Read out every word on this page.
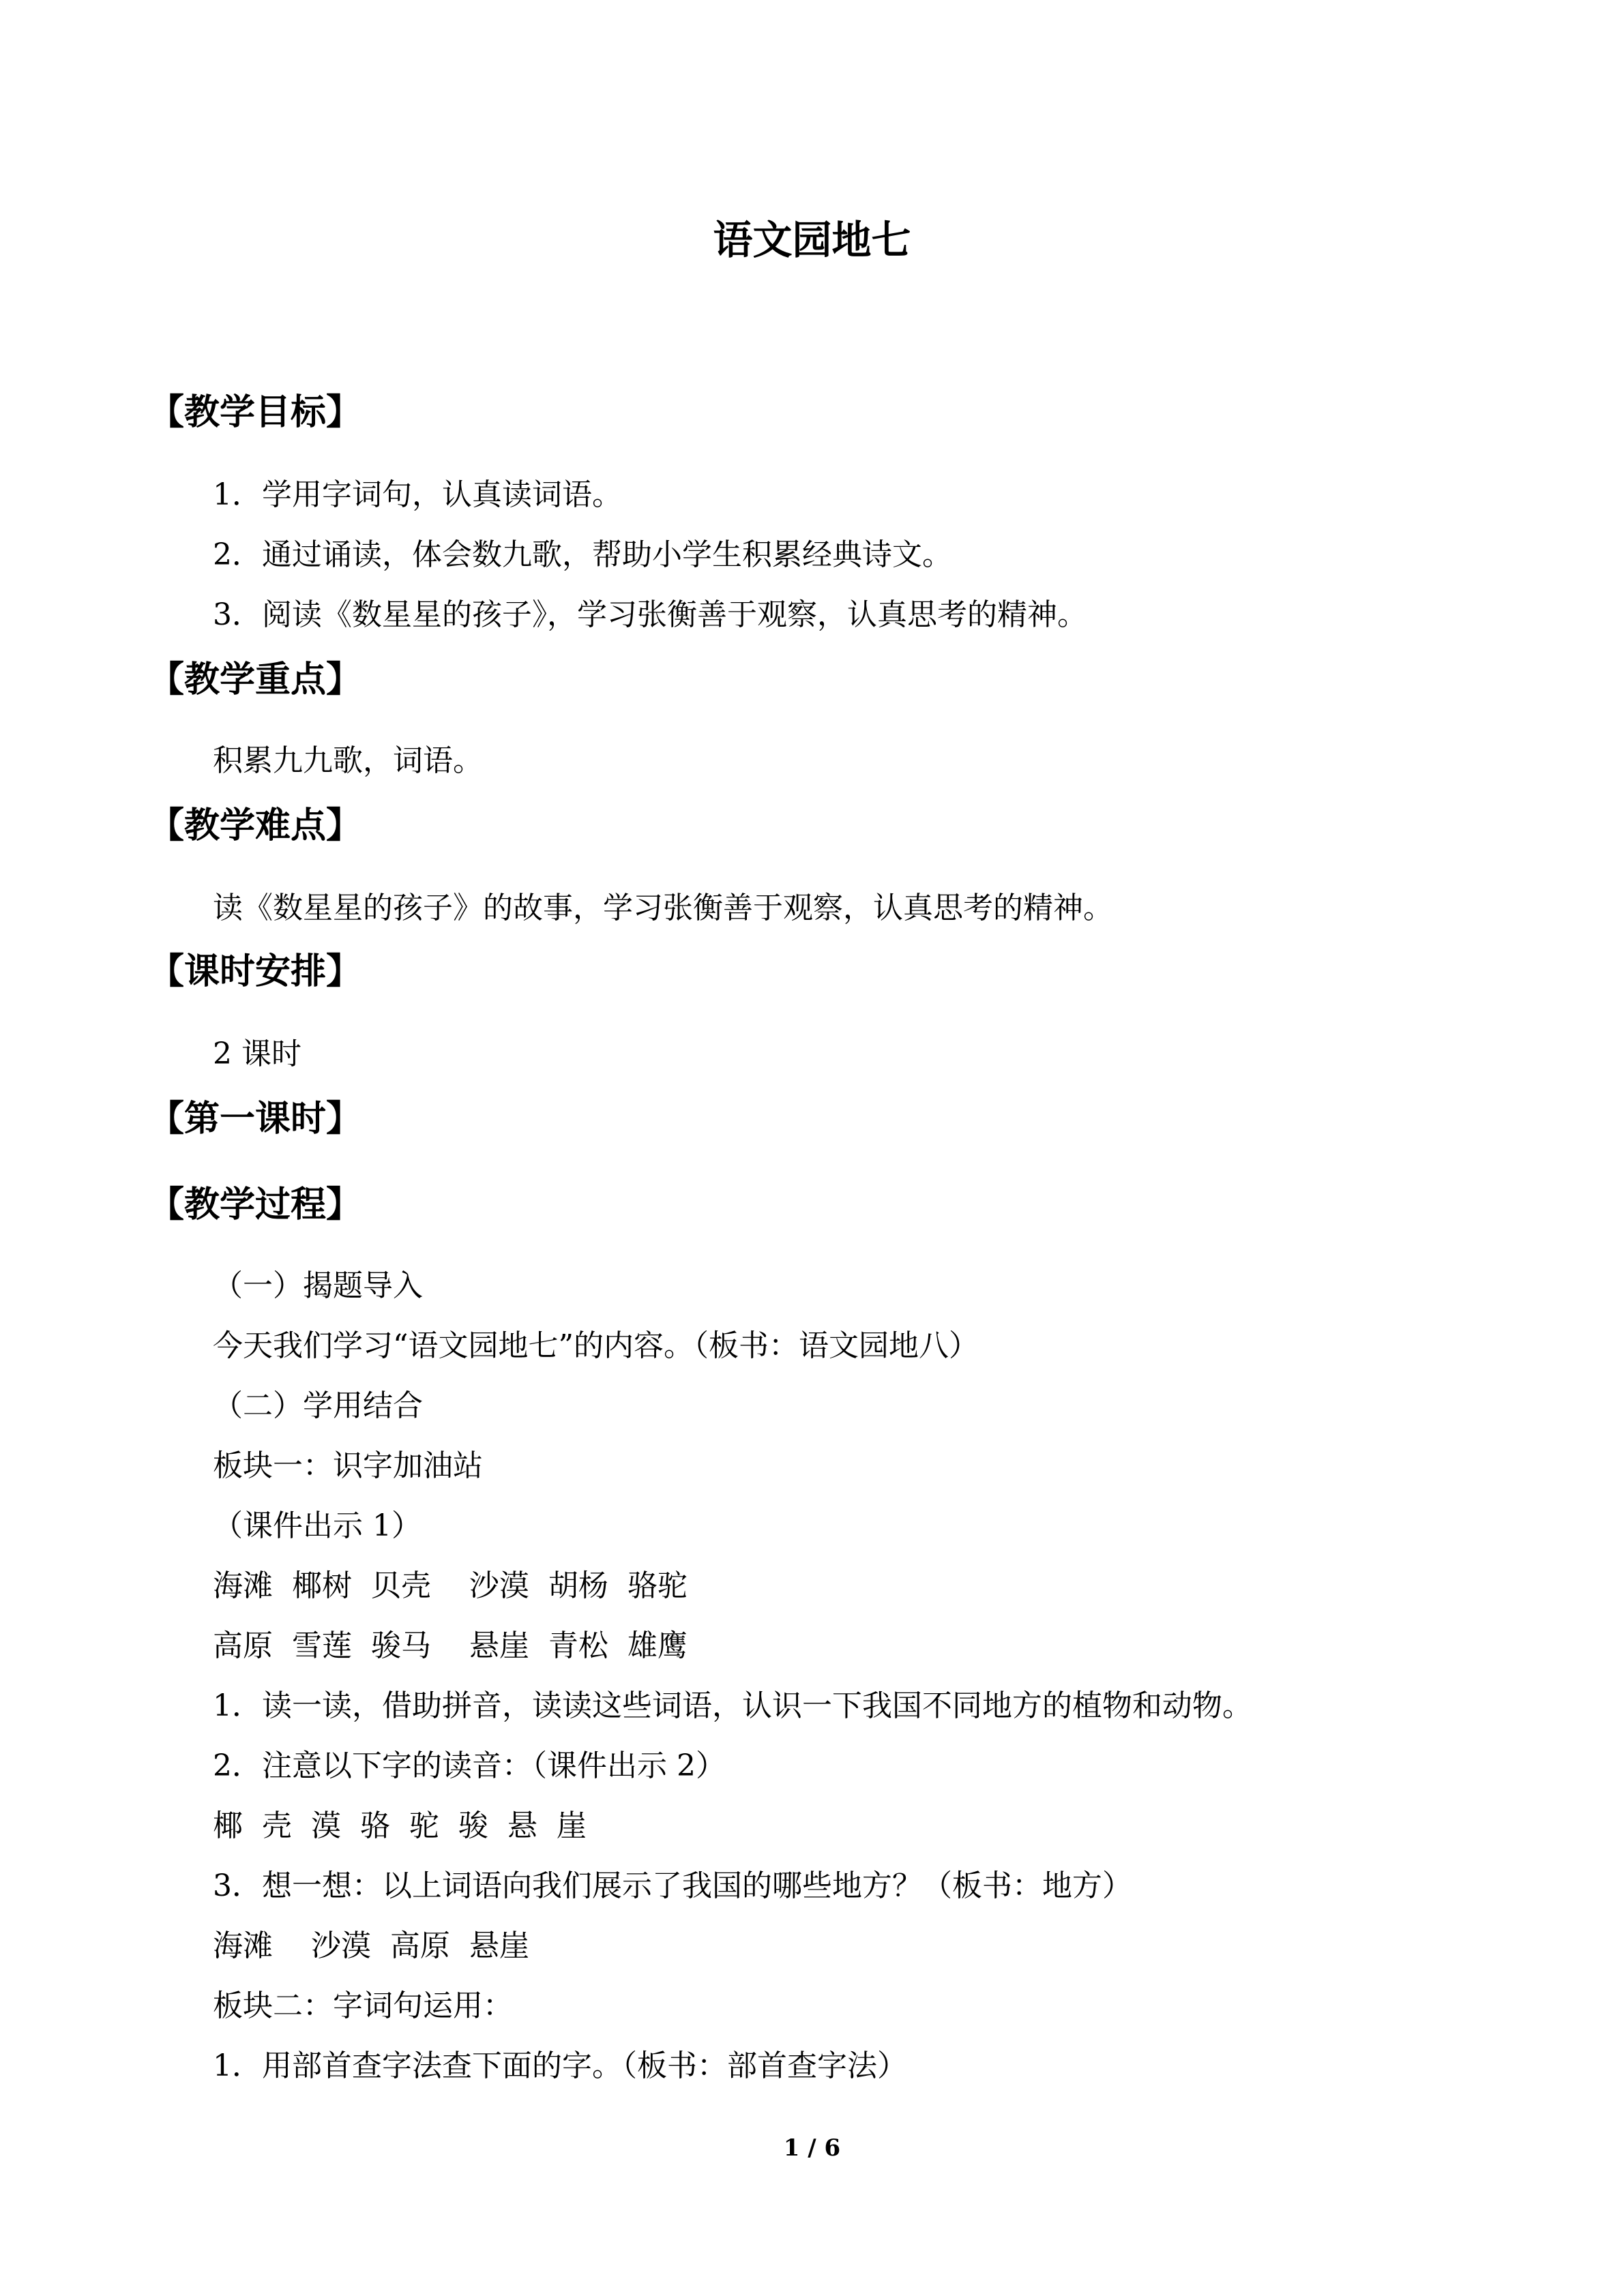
语文园地七
【教学目标】
1．学用字词句，认真读词语。
2．通过诵读，体会数九歌，帮助小学生积累经典诗文。
3．阅读《数星星的孩子》，学习张衡善于观察，认真思考的精神。
【教学重点】
积累九九歌，词语。
【教学难点】
读《数星星的孩子》的故事，学习张衡善于观察，认真思考的精神。
【课时安排】
2 课时
【第一课时】
【教学过程】
（一）揭题导入
今天我们学习“语文园地七”的内容。（板书：语文园地八）
（二）学用结合
板块一：识字加油站
（课件出示 1）
海滩  椰树  贝壳    沙漠  胡杨  骆驼
高原  雪莲  骏马    悬崖  青松  雄鹰
1．读一读，借助拼音，读读这些词语，认识一下我国不同地方的植物和动物。
2．注意以下字的读音：（课件出示 2）
椰  壳  漠  骆  驼  骏  悬  崖
3．想一想：以上词语向我们展示了我国的哪些地方？（板书：地方）
海滩    沙漠  高原  悬崖
板块二：字词句运用：
1．用部首查字法查下面的字。（板书：部首查字法）
1 / 6
